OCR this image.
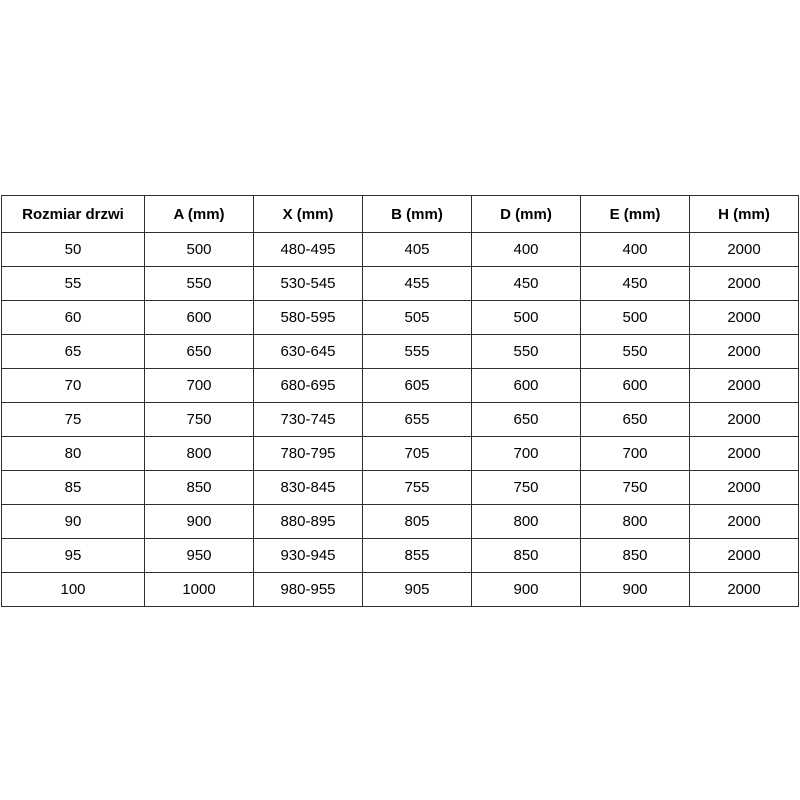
Rozmiar drzwi	A (mm)	X (mm)	B (mm)	D (mm)	E (mm)	H (mm)
50	500	480-495	405	400	400	2000
55	550	530-545	455	450	450	2000
60	600	580-595	505	500	500	2000
65	650	630-645	555	550	550	2000
70	700	680-695	605	600	600	2000
75	750	730-745	655	650	650	2000
80	800	780-795	705	700	700	2000
85	850	830-845	755	750	750	2000
90	900	880-895	805	800	800	2000
95	950	930-945	855	850	850	2000
100	1000	980-955	905	900	900	2000
